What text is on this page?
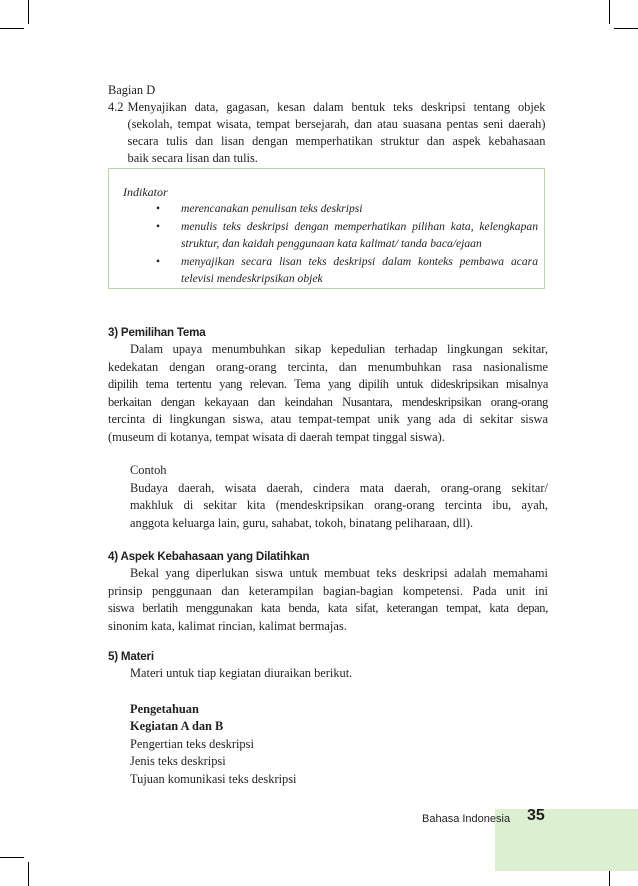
Bagian D
4.2 Menyajikan data, gagasan, kesan dalam bentuk teks deskripsi tentang objek
(sekolah, tempat wisata, tempat bersejarah, dan atau suasana pentas seni daerah)
secara tulis dan lisan dengan memperhatikan struktur dan aspek kebahasaan
baik secara lisan dan tulis.
Indikator
• merencanakan penulisan teks deskripsi
• menulis teks deskripsi dengan memperhatikan pilihan kata, kelengkapan
struktur, dan kaidah penggunaan kata kalimat/ tanda baca/ejaan
• menyajikan secara lisan teks deskripsi dalam konteks pembawa acara
televisi mendeskripsikan objek
3) Pemilihan Tema
Dalam upaya menumbuhkan sikap kepedulian terhadap lingkungan sekitar,
kedekatan dengan orang-orang tercinta, dan menumbuhkan rasa nasionalisme
dipilih tema tertentu yang relevan. Tema yang dipilih untuk dideskripsikan misalnya
berkaitan dengan kekayaan dan keindahan Nusantara, mendeskripsikan orang-orang
tercinta di lingkungan siswa, atau tempat-tempat unik yang ada di sekitar siswa
(museum di kotanya, tempat wisata di daerah tempat tinggal siswa).
Contoh
Budaya daerah, wisata daerah, cindera mata daerah, orang-orang sekitar/
makhluk di sekitar kita (mendeskripsikan orang-orang tercinta ibu, ayah,
anggota keluarga lain, guru, sahabat, tokoh, binatang peliharaan, dll).
4) Aspek Kebahasaan yang Dilatihkan
Bekal yang diperlukan siswa untuk membuat teks deskripsi adalah memahami
prinsip penggunaan dan keterampilan bagian-bagian kompetensi. Pada unit ini
siswa berlatih menggunakan kata benda, kata sifat, keterangan tempat, kata depan,
sinonim kata, kalimat rincian, kalimat bermajas.
5) Materi
Materi untuk tiap kegiatan diuraikan berikut.
Pengetahuan
Kegiatan A dan B
Pengertian teks deskripsi
Jenis teks deskripsi
Tujuan komunikasi teks deskripsi
Bahasa Indonesia 35
